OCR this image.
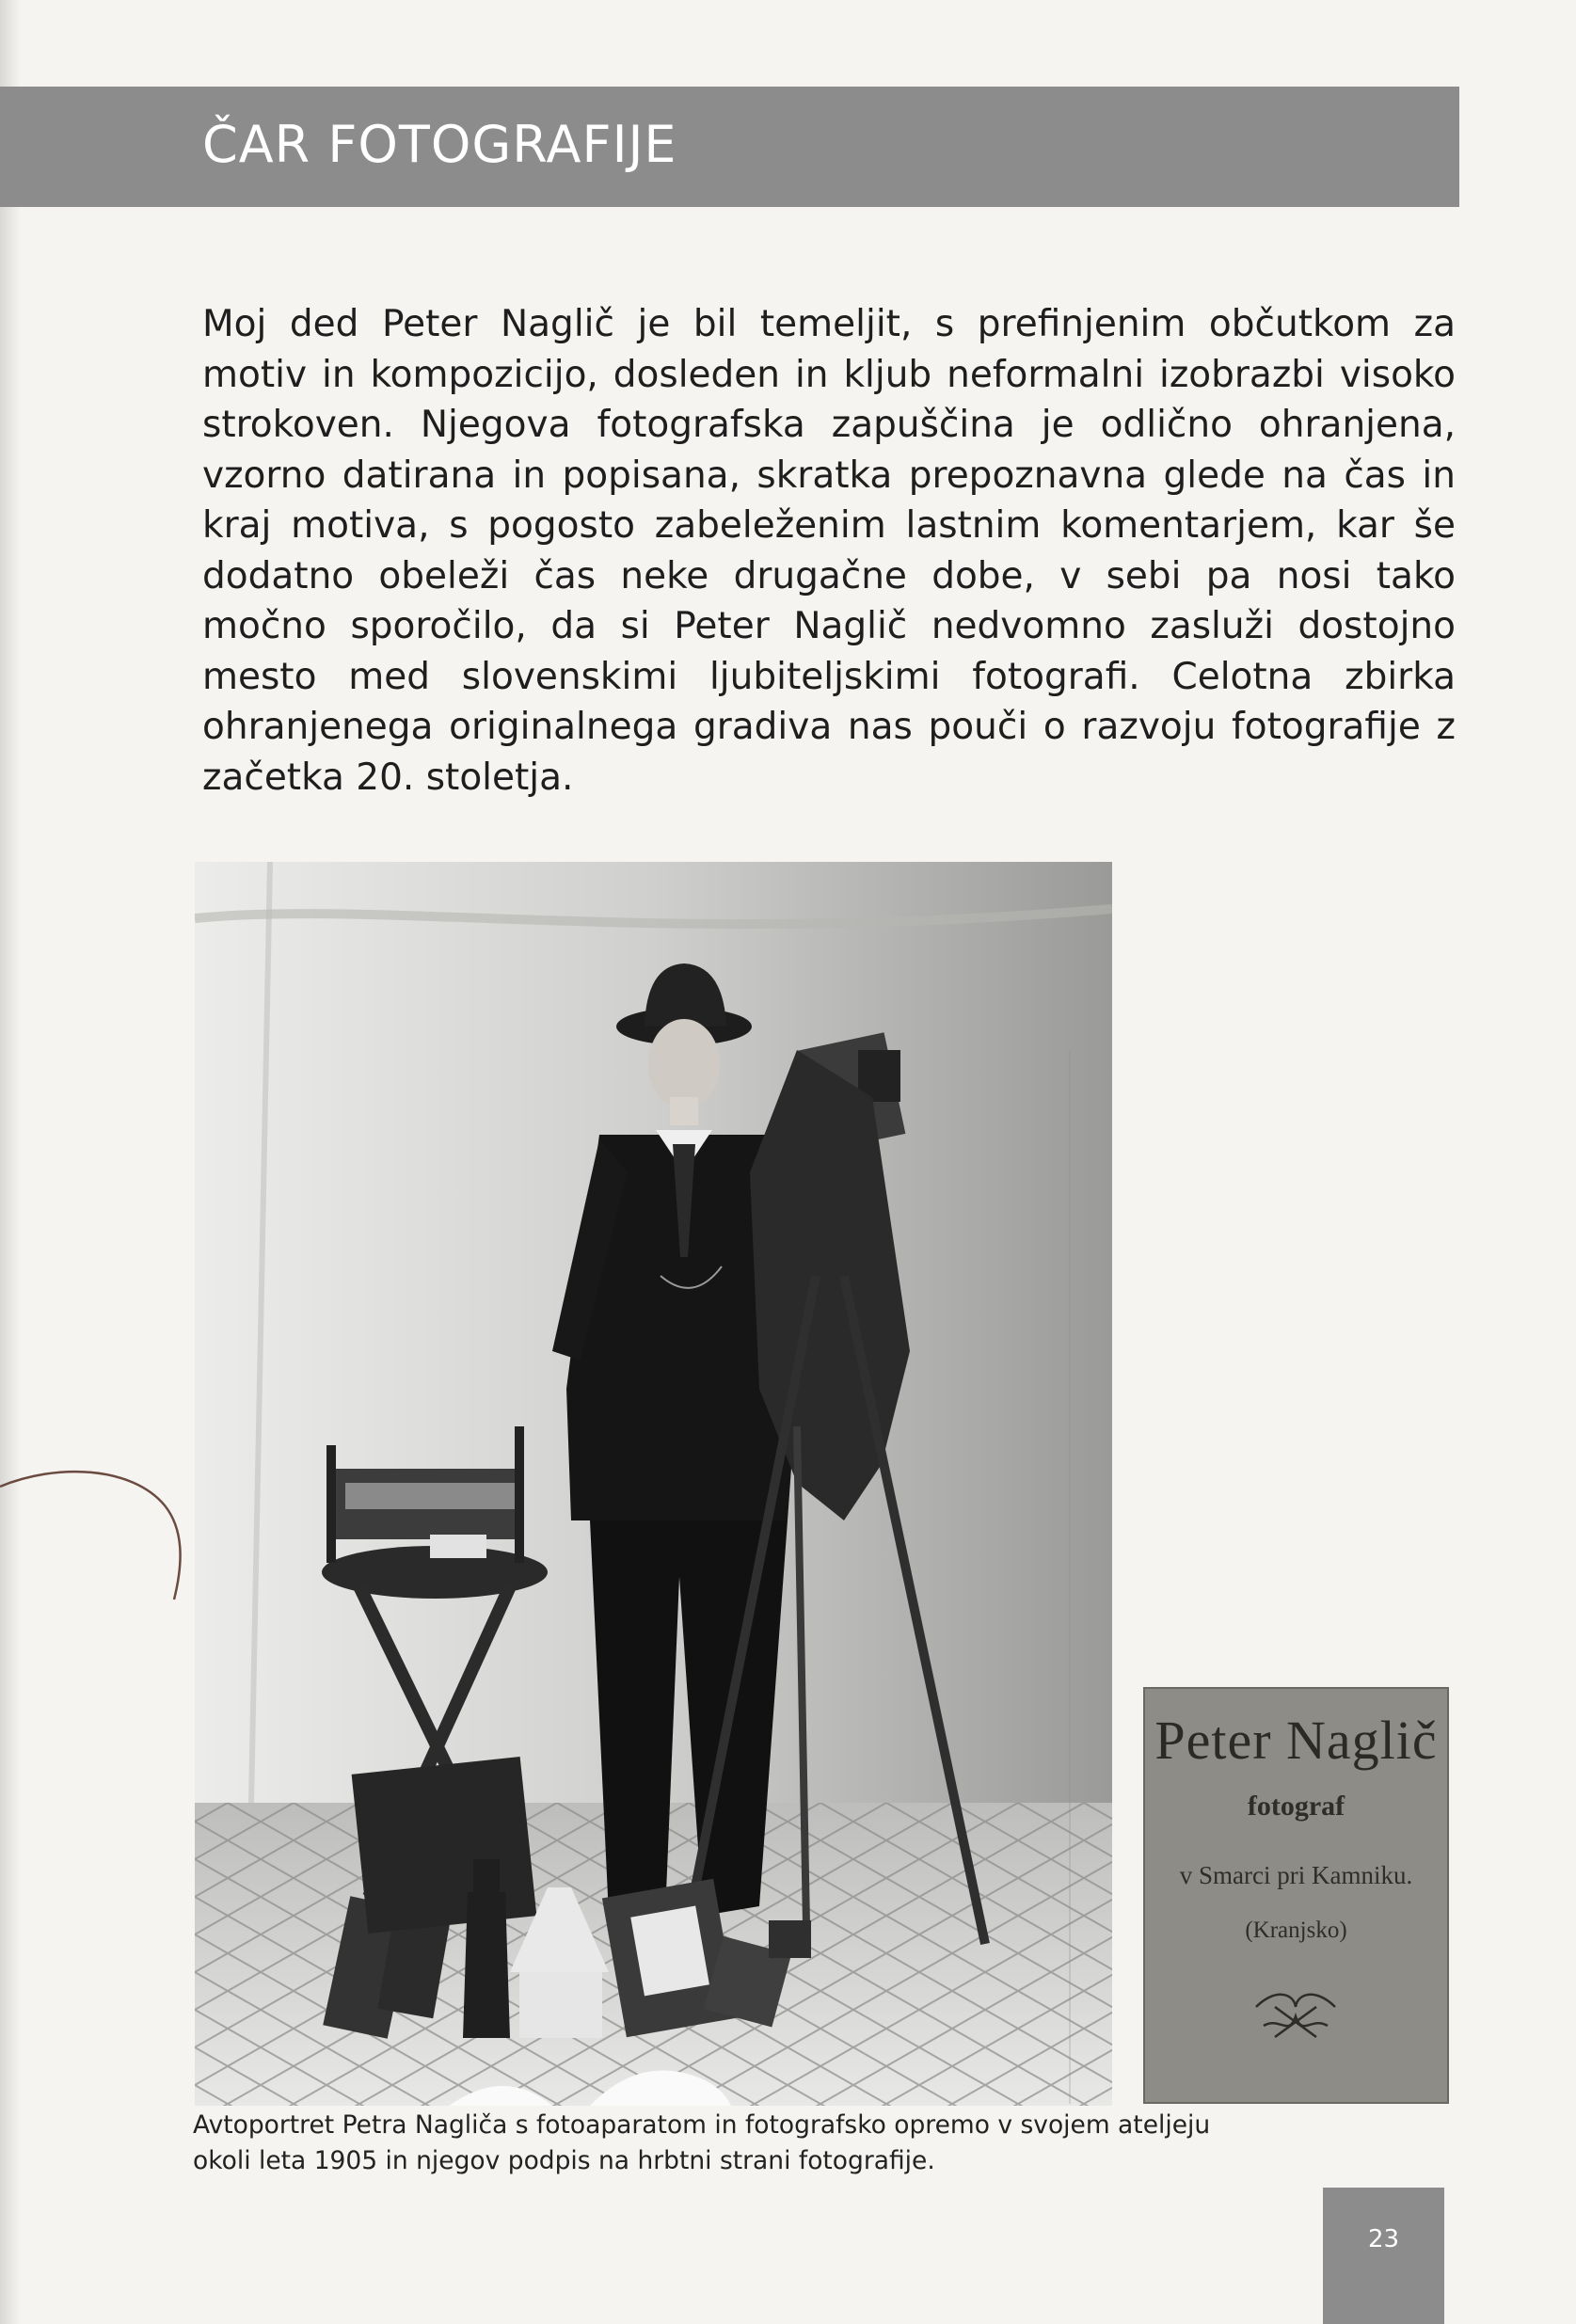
ČAR FOTOGRAFIJE

Moj ded Peter Naglič je bil temeljit, s prefinjenim občutkom za motiv in kompozicijo, dosleden in kljub neformalni izobrazbi visoko strokoven. Njegova fotografska zapuščina je odlično ohranjena, vzorno datirana in popisana, skratka prepoznavna glede na čas in kraj motiva, s pogosto zabeleženim lastnim komentarjem, kar še dodatno obeleži čas neke drugačne dobe, v sebi pa nosi tako močno sporočilo, da si Peter Naglič nedvomno zasluži dostojno mesto med slovenskimi ljubiteljskimi fotografi. Celotna zbirka ohranjenega originalnega gradiva nas pouči o razvoju fotografije z začetka 20. stoletja.

Peter Naglič
fotograf
v Smarci pri Kamniku.
(Kranjsko)

Avtoportret Petra Nagliča s fotoaparatom in fotografsko opremo v svojem ateljeju
okoli leta 1905 in njegov podpis na hrbtni strani fotografije.

23
